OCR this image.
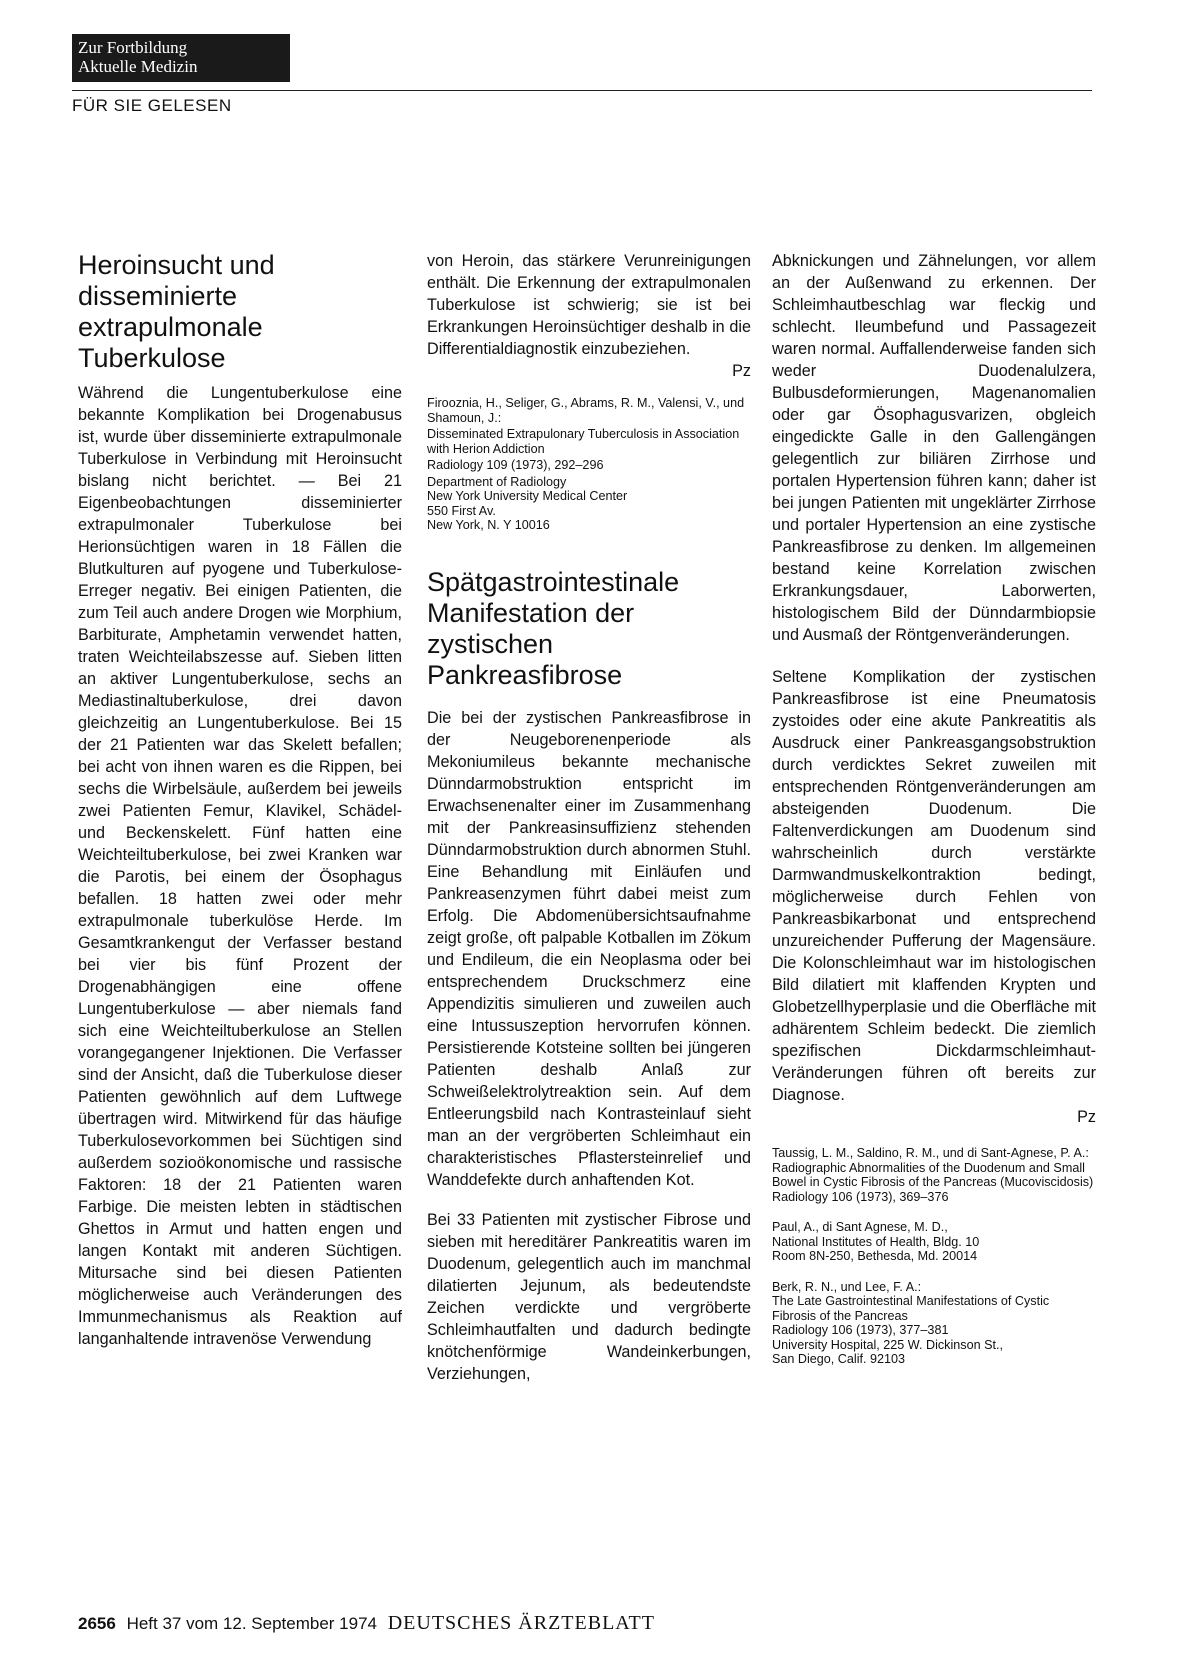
Zur Fortbildung
Aktuelle Medizin
FÜR SIE GELESEN
Heroinsucht und disseminierte extrapulmonale Tuberkulose

Während die Lungentuberkulose eine bekannte Komplikation bei Drogenabusus ist, wurde über disseminierte extrapulmonale Tuberkulose in Verbindung mit Heroinsucht bislang nicht berichtet. — Bei 21 Eigenbeobachtungen disseminierter extrapulmonaler Tuberkulose bei Herionsüchtigen waren in 18 Fällen die Blutkulturen auf pyogene und Tuberkulose-Erreger negativ. Bei einigen Patienten, die zum Teil auch andere Drogen wie Morphium, Barbiturate, Amphetamin verwendet hatten, traten Weichteilabszesse auf. Sieben litten an aktiver Lungentuberkulose, sechs an Mediastinaltuberkulose, drei davon gleichzeitig an Lungentuberkulose. Bei 15 der 21 Patienten war das Skelett befallen; bei acht von ihnen waren es die Rippen, bei sechs die Wirbelsäule, außerdem bei jeweils zwei Patienten Femur, Klavikel, Schädel- und Beckenskelett. Fünf hatten eine Weichteiltuberkulose, bei zwei Kranken war die Parotis, bei einem der Ösophagus befallen. 18 hatten zwei oder mehr extrapulmonale tuberkulöse Herde. Im Gesamtkrankengut der Verfasser bestand bei vier bis fünf Prozent der Drogenabhängigen eine offene Lungentuberkulose — aber niemals fand sich eine Weichteiltuberkulose an Stellen vorangegangener Injektionen. Die Verfasser sind der Ansicht, daß die Tuberkulose dieser Patienten gewöhnlich auf dem Luftwege übertragen wird. Mitwirkend für das häufige Tuberkulosevorkommen bei Süchtigen sind außerdem sozioökonomische und rassische Faktoren: 18 der 21 Patienten waren Farbige. Die meisten lebten in städtischen Ghettos in Armut und hatten engen und langen Kontakt mit anderen Süchtigen. Mitursache sind bei diesen Patienten möglicherweise auch Veränderungen des Immunmechanismus als Reaktion auf langanhaltende intravenöse Verwendung

von Heroin, das stärkere Verunreinigungen enthält. Die Erkennung der extrapulmonalen Tuberkulose ist schwierig; sie ist bei Erkrankungen Heroinsüchtiger deshalb in die Differentialdiagnostik einzubeziehen.
Pz

Firooznia, H., Seliger, G., Abrams, R. M., Valensi, V., und Shamoun, J.:
Disseminated Extrapulonary Tuberculosis in Association with Herion Addiction
Radiology 109 (1973), 292–296
Department of Radiology
New York University Medical Center
550 First Av.
New York, N. Y 10016
Spätgastrointestinale Manifestation der zystischen Pankreasfibrose

Die bei der zystischen Pankreasfibrose in der Neugeborenenperiode als Mekoniumileus bekannte mechanische Dünndarmobstruktion entspricht im Erwachsenenalter einer im Zusammenhang mit der Pankreasinsuffizienz stehenden Dünndarmobstruktion durch abnormen Stuhl. Eine Behandlung mit Einläufen und Pankreasenzymen führt dabei meist zum Erfolg. Die Abdomenübersichtsaufnahme zeigt große, oft palpable Kotballen im Zökum und Endileum, die ein Neoplasma oder bei entsprechendem Druckschmerz eine Appendizitis simulieren und zuweilen auch eine Intussuszeption hervorrufen können. Persistierende Kotsteine sollten bei jüngeren Patienten deshalb Anlaß zur Schweißelektrolytreaktion sein. Auf dem Entleerungsbild nach Kontrasteinlauf sieht man an der vergröberten Schleimhaut ein charakteristisches Pflastersteinrelief und Wanddefekte durch anhaftenden Kot.

Bei 33 Patienten mit zystischer Fibrose und sieben mit hereditärer Pankreatitis waren im Duodenum, gelegentlich auch im manchmal dilatierten Jejunum, als bedeutendste Zeichen verdickte und vergröberte Schleimhautfalten und dadurch bedingte knötchenförmige Wandeinkerbungen, Verziehungen,

Abknickungen und Zähnelungen, vor allem an der Außenwand zu erkennen. Der Schleimhautbeschlag war fleckig und schlecht. Ileumbefund und Passagezeit waren normal. Auffallenderweise fanden sich weder Duodenalulzera, Bulbusdeformierungen, Magenanomalien oder gar Ösophagusvarizen, obgleich eingedickte Galle in den Gallengängen gelegentlich zur biliären Zirrhose und portalen Hypertension führen kann; daher ist bei jungen Patienten mit ungeklärter Zirrhose und portaler Hypertension an eine zystische Pankreasfibrose zu denken. Im allgemeinen bestand keine Korrelation zwischen Erkrankungsdauer, Laborwerten, histologischem Bild der Dünndarmbiopsie und Ausmaß der Röntgenveränderungen.

Seltene Komplikation der zystischen Pankreasfibrose ist eine Pneumatosis zystoides oder eine akute Pankreatitis als Ausdruck einer Pankreasgangsobstruktion durch verdicktes Sekret zuweilen mit entsprechenden Röntgenveränderungen am absteigenden Duodenum. Die Faltenverdickungen am Duodenum sind wahrscheinlich durch verstärkte Darmwandmuskelkontraktion bedingt, möglicherweise durch Fehlen von Pankreasbikarbonat und entsprechend unzureichender Pufferung der Magensäure. Die Kolonschleimhaut war im histologischen Bild dilatiert mit klaffenden Krypten und Globetzellhyperplasie und die Oberfläche mit adhärentem Schleim bedeckt. Die ziemlich spezifischen Dickdarmschleimhaut-Veränderungen führen oft bereits zur Diagnose.
Pz

Taussig, L. M., Saldino, R. M., und di Sant-Agnese, P. A.:
Radiographic Abnormalities of the Duodenum and Small Bowel in Cystic Fibrosis of the Pancreas (Mucoviscidosis)
Radiology 106 (1973), 369–376
Paul, A., di Sant Agnese, M. D.,
National Institutes of Health, Bldg. 10
Room 8N-250, Bethesda, Md. 20014
Berk, R. N., und Lee, F. A.:
The Late Gastrointestinal Manifestations of Cystic Fibrosis of the Pancreas
Radiology 106 (1973), 377–381
University Hospital, 225 W. Dickinson St.,
San Diego, Calif. 92103
2656 Heft 37 vom 12. September 1974 DEUTSCHES ÄRZTEBLATT
